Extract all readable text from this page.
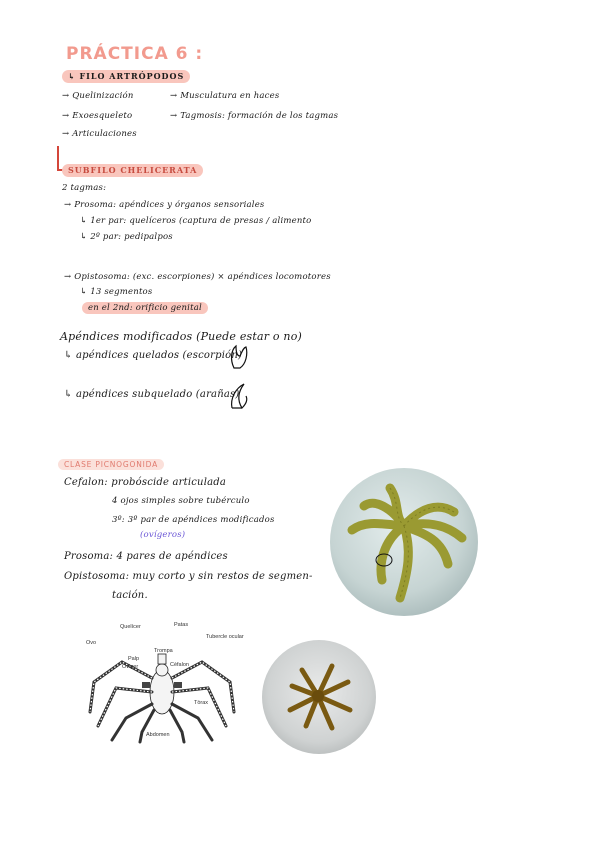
PRÁCTICA 6 :
↳ FILO ARTRÓPODOS
→ Quelinización
→ Exoesqueleto
→ Articulaciones
→ Musculatura en haces
→ Tagmosis: formación de los tagmas
SUBFILO CHELICERATA
2 tagmas:
→ Prosoma: apéndices y órganos sensoriales
↳ 1er par: quelíceros (captura de presas / alimento
↳ 2º par: pedipalpos
→ Opistosoma: (exc. escorpiones) × apéndices locomotores
↳ 13 segmentos
en el 2nd: orificio genital
Apéndices modificados (Puede estar o no)
↳ apéndices quelados (escorpión)
↳ apéndices subquelado (arañas)
CLASE PICNOGONIDA
Cefalon: probóscide articulada
4 ojos simples sobre tubérculo
3º: 3º par de apéndices modificados
(ovígeros)
Prosoma: 4 pares de apéndices
Opistosoma: muy corto y sin restos de segmen-
tación.
Quelícer	Patas
Ovo
Tubercle ocular
Trompa
Palp
Oviger	Cèfalon
Tòrax
Abdomen
